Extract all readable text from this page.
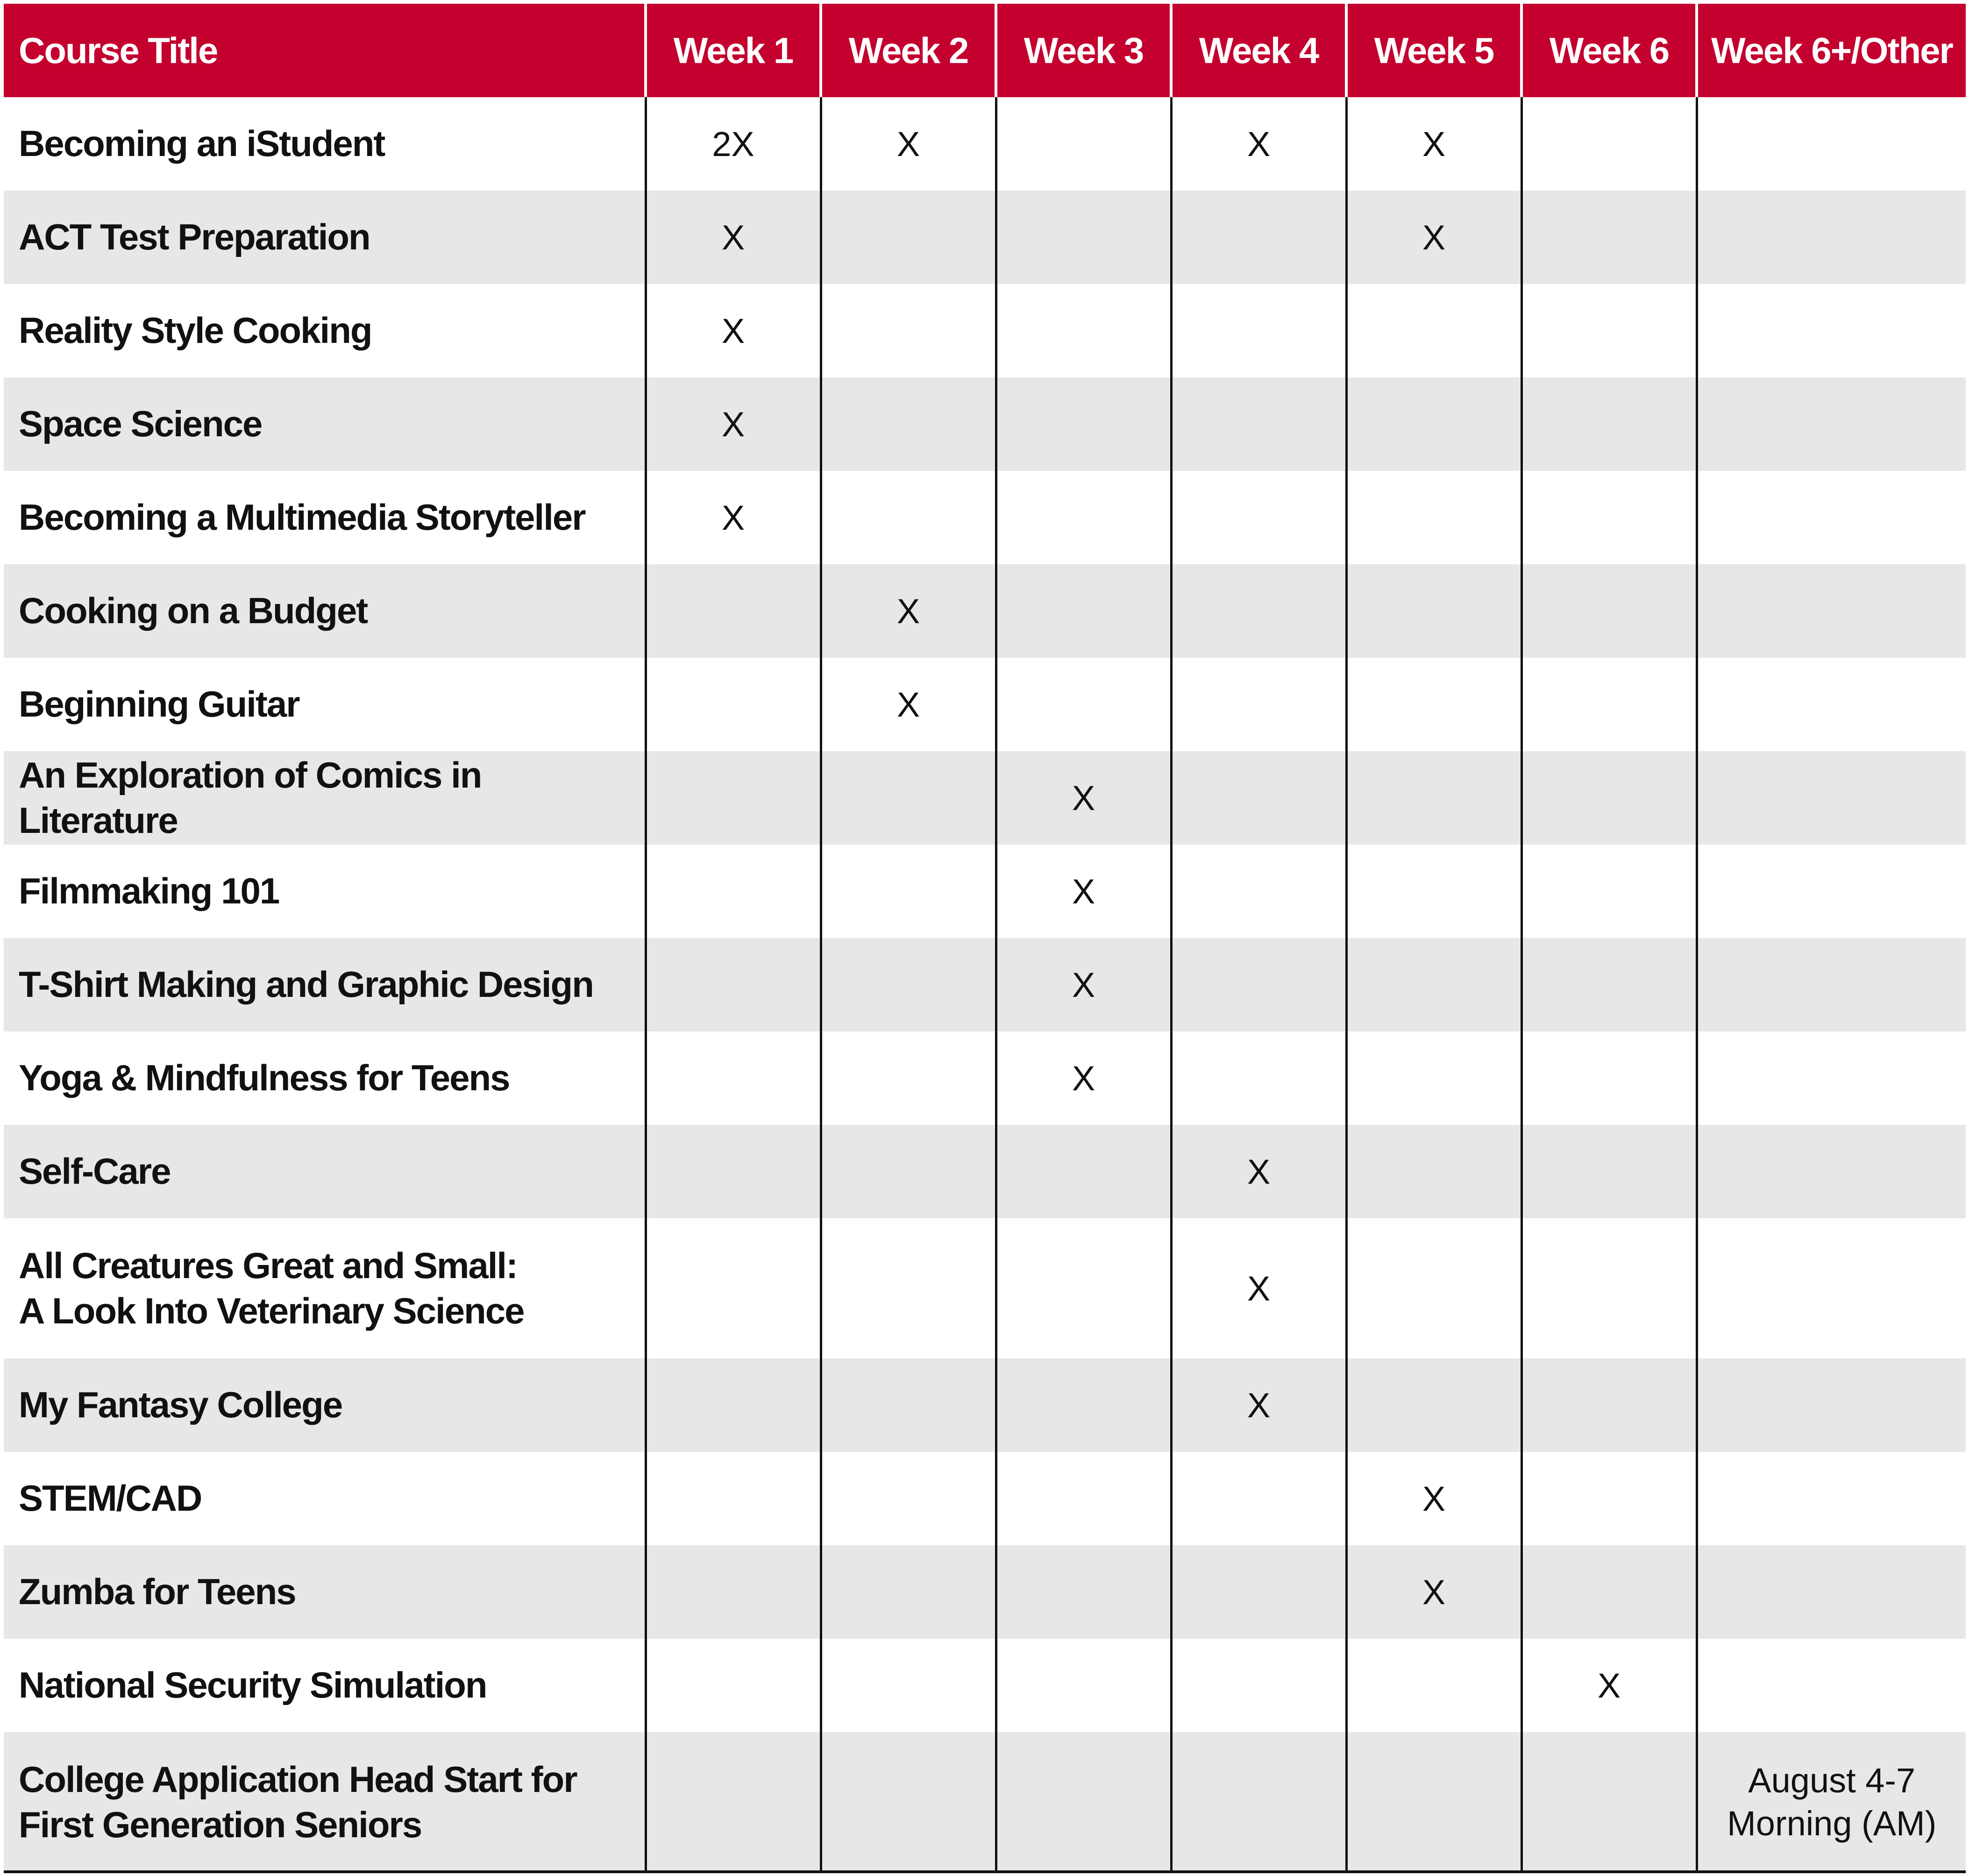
Course Title	Week 1	Week 2	Week 3	Week 4	Week 5	Week 6	Week 6+/Other
Becoming an iStudent	2X	X		X	X		
ACT Test Preparation	X				X		
Reality Style Cooking	X						
Space Science	X						
Becoming a Multimedia Storyteller	X						
Cooking on a Budget		X					
Beginning Guitar		X					
An Exploration of Comics in Literature			X				
Filmmaking 101			X				
T-Shirt Making and Graphic Design			X				
Yoga & Mindfulness for Teens			X				
Self-Care				X			

All Creatures Great and Small:
A Look Into Veterinary Science				X			
My Fantasy College				X			
STEM/CAD					X		
Zumba for Teens					X		
National Security Simulation						X	

College Application Head Start for
First Generation Seniors							August 4-7
Morning (AM)
